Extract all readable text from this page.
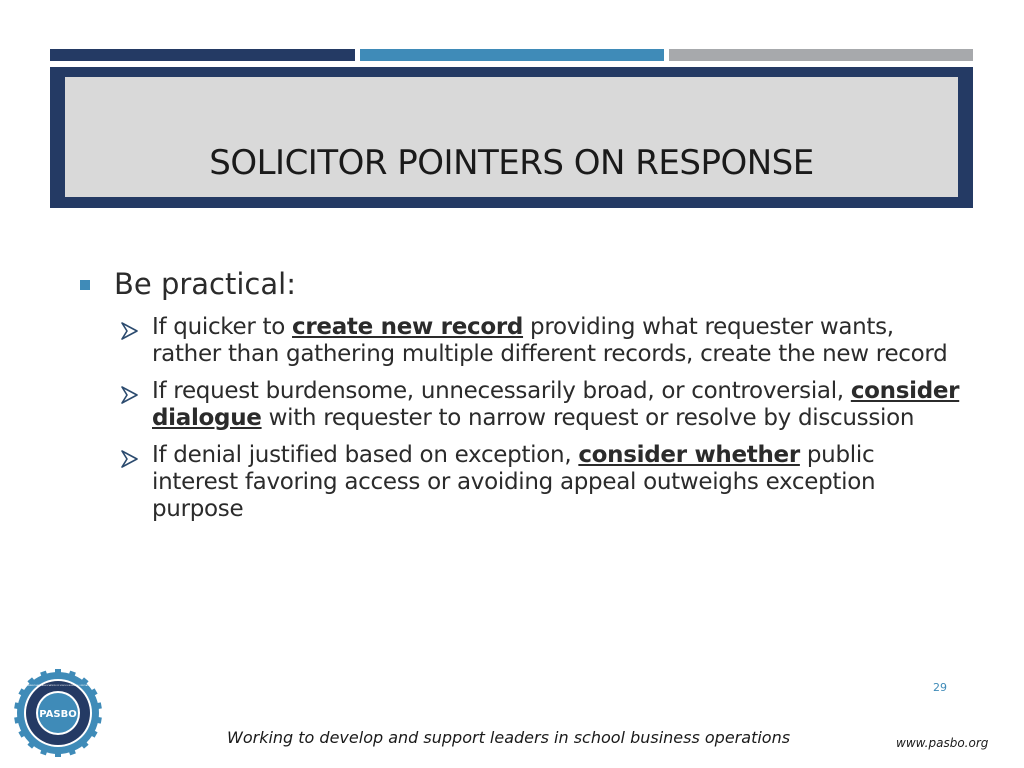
SOLICITOR POINTERS ON RESPONSE
Be practical:
If quicker to create new record providing what requester wants, rather than gathering multiple different records, create the new record
If request burdensome, unnecessarily broad, or controversial, consider dialogue with requester to narrow request or resolve by discussion
If denial justified based on exception, consider whether public interest favoring access or avoiding appeal outweighs exception purpose
PASBO
PENNSYLVANIA ASSOCIATION OF SCHOOL BUSINESS OFFICIALS	29
Working to develop and support leaders in school business operations	www.pasbo.org
